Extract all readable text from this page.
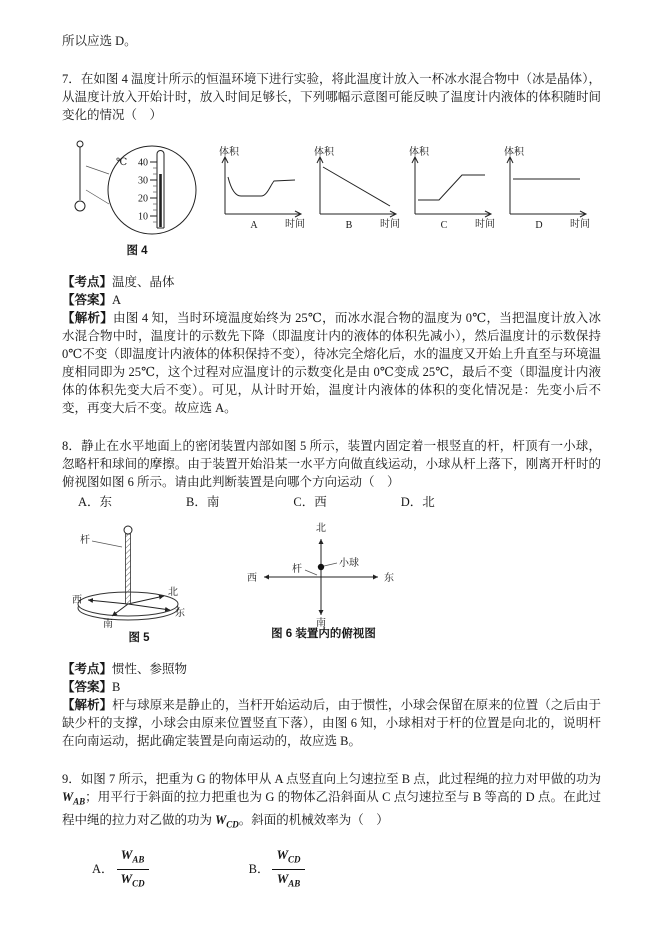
所以应选 D。

7．在如图 4 温度计所示的恒温环境下进行实验，将此温度计放入一杯冰水混合物中（冰是晶体），从温度计放入开始计时，放入时间足够长，下列哪幅示意图可能反映了温度计内液体的体积随时间变化的情况（　）

℃ 40
30
20
10
图 4
体积
A	时间
体积
B	时间
体积
C	时间
体积
D	时间

【考点】温度、晶体

【答案】A

【解析】由图 4 知，当时环境温度始终为 25℃，而冰水混合物的温度为 0℃，当把温度计放入冰水混合物中时，温度计的示数先下降（即温度计内的液体的体积先减小），然后温度计的示数保持 0℃不变（即温度计内液体的体积保持不变），待冰完全熔化后，水的温度又开始上升直至与环境温度相同即为 25℃，这个过程对应温度计的示数变化是由 0℃变成 25℃，最后不变（即温度计内液体的体积先变大后不变）。可见，从计时开始，温度计内液体的体积的变化情况是：先变小后不变，再变大后不变。故应选 A。

8．静止在水平地面上的密闭装置内部如图 5 所示，装置内固定着一根竖直的杆，杆顶有一小球，忽略杆和球间的摩擦。由于装置开始沿某一水平方向做直线运动，小球从杆上落下，刚离开杆时的俯视图如图 6 所示。请由此判断装置是向哪个方向运动（　）

A．东	B．南	C．西	D．北
杆
北
西
南
东
图 5
北
南
西	东
小球
杆
图 6 装置内的俯视图

【考点】惯性、参照物

【答案】B

【解析】杆与球原来是静止的，当杆开始运动后，由于惯性，小球会保留在原来的位置（之后由于缺少杆的支撑，小球会由原来位置竖直下落），由图 6 知，小球相对于杆的位置是向北的，说明杆在向南运动，据此确定装置是向南运动的，故应选 B。

9．如图 7 所示，把重为 G 的物体甲从 A 点竖直向上匀速拉至 B 点，此过程绳的拉力对甲做的功为 $W_{AB}$；用平行于斜面的拉力把重也为 G 的物体乙沿斜面从 C 点匀速拉至与 B 等高的 D 点。在此过程中绳的拉力对乙做的功为 $W_{CD}$。斜面的机械效率为（　）

A． $\frac{W_{AB}}{W_{CD}}$	B． $\frac{W_{CD}}{W_{AB}}$
